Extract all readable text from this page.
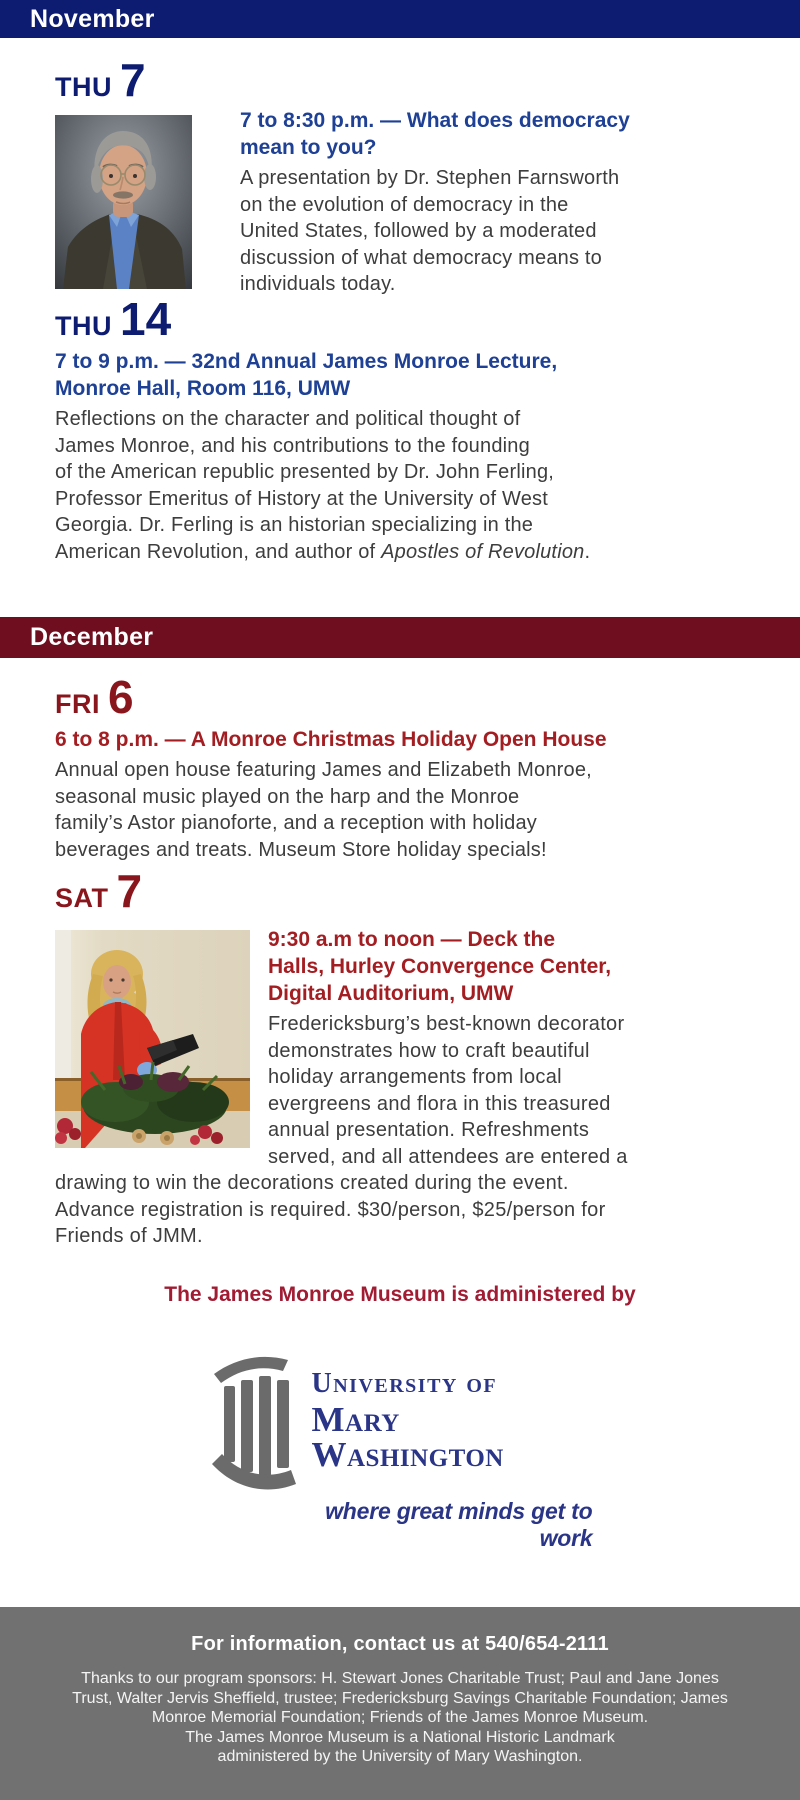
November
THU 7
7 to 8:30 p.m. — What does democracy
mean to you?

A presentation by Dr. Stephen Farnsworth
on the evolution of democracy in the
United States, followed by a moderated
discussion of what democracy means to
individuals today.

THU 14
7 to 9 p.m. — 32nd Annual James Monroe Lecture,
Monroe Hall, Room 116, UMW

Reflections on the character and political thought of
James Monroe, and his contributions to the founding
of the American republic presented by Dr. John Ferling,
Professor Emeritus of History at the University of West
Georgia. Dr. Ferling is an historian specializing in the
American Revolution, and author of Apostles of Revolution.

December
FRI 6
6 to 8 p.m. — A Monroe Christmas Holiday Open House

Annual open house featuring James and Elizabeth Monroe,
seasonal music played on the harp and the Monroe
family’s Astor pianoforte, and a reception with holiday
beverages and treats. Museum Store holiday specials!

SAT 7
9:30 a.m to noon — Deck the
Halls, Hurley Convergence Center,
Digital Auditorium, UMW

Fredericksburg’s best-known decorator demonstrates how to craft beautiful holiday arrangements from local evergreens and flora in this treasured annual presentation. Refreshments served, and all attendees are entered a drawing to win the decorations created during the event. Advance registration is required. $30/person, $25/person for Friends of JMM.

The James Monroe Museum is administered by
University of
Mary Washington
where great minds get to work
For information, contact us at 540/654-2111

Thanks to our program sponsors: H. Stewart Jones Charitable Trust; Paul and Jane Jones Trust, Walter Jervis Sheffield, trustee; Fredericksburg Savings Charitable Foundation; James Monroe Memorial Foundation; Friends of the James Monroe Museum.

The James Monroe Museum is a National Historic Landmark administered by the University of Mary Washington.
